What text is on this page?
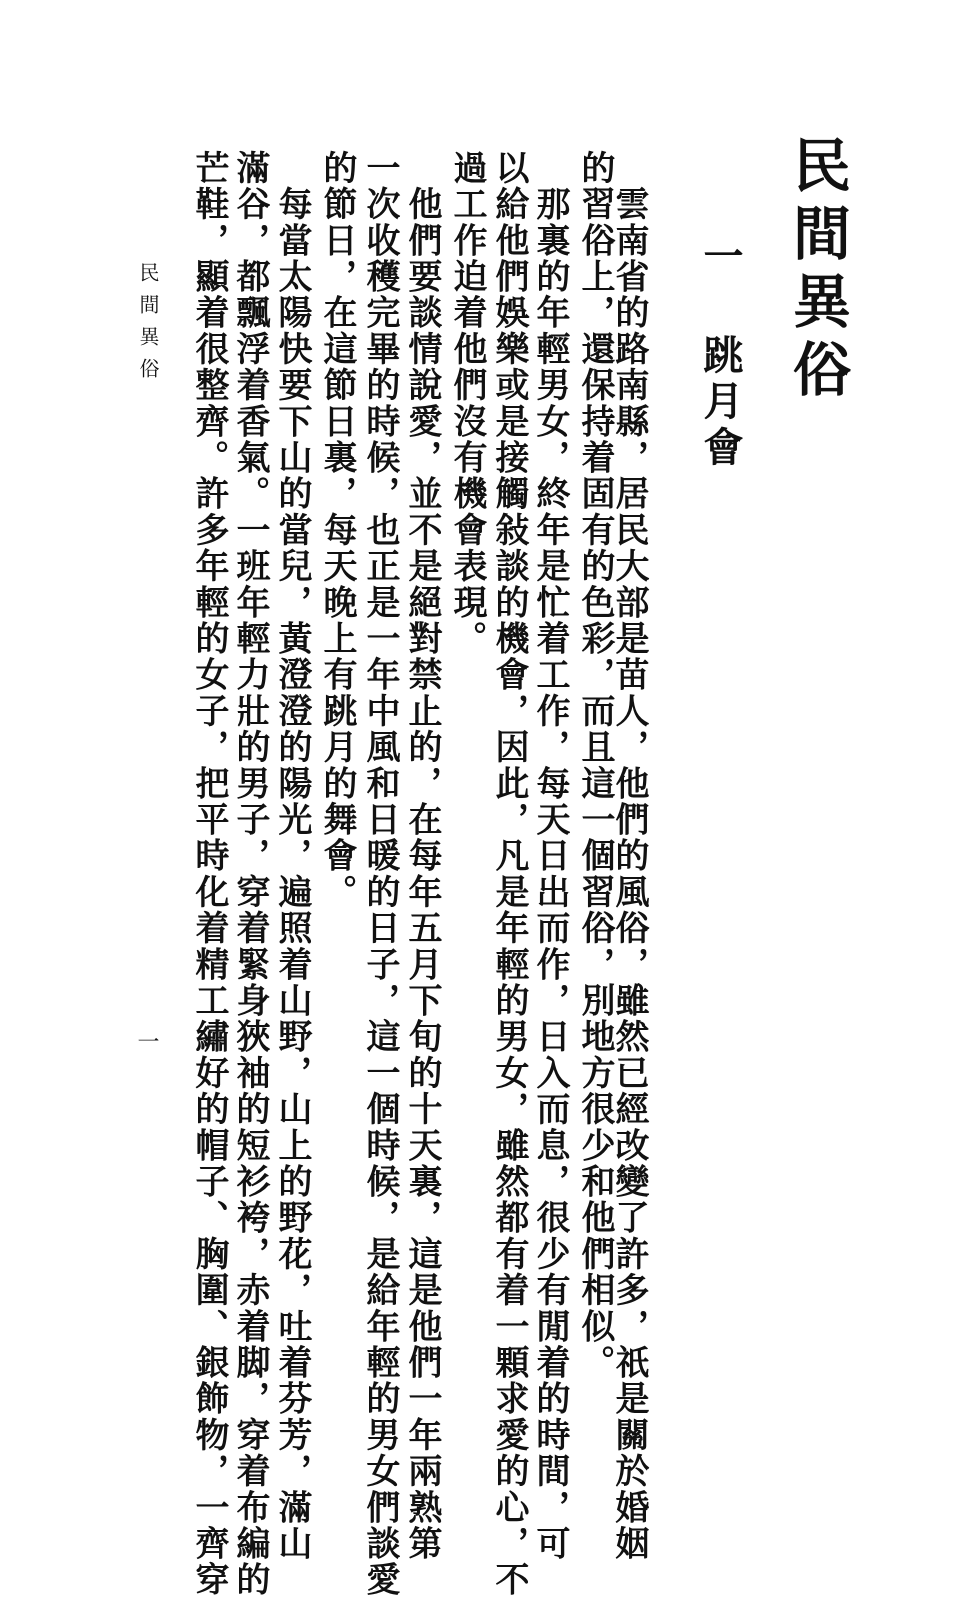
民間異俗
一 跳月會
　雲南省的路南縣，居民大部是苗人，他們的風俗，雖然已經改變了許多，祇是關於婚姻
的習俗上，還保持着固有的色彩，而且這一個習俗，別地方很少和他們相似。
　那裏的年輕男女，終年是忙着工作，每天日出而作，日入而息，很少有閒着的時間，可
以給他們娛樂或是接觸敍談的機會，因此，凡是年輕的男女，雖然都有着一顆求愛的心，不
過工作迫着他們沒有機會表現。
　他們要談情說愛，並不是絕對禁止的，在每年五月下旬的十天裏，這是他們一年兩熟第
一次收穫完畢的時候，也正是一年中風和日暖的日子，這一個時候，是給年輕的男女們談愛
的節日，在這節日裏，每天晚上有跳月的舞會。
　每當太陽快要下山的當兒，黃澄澄的陽光，遍照着山野，山上的野花，吐着芬芳，滿山
滿谷，都飄浮着香氣。一班年輕力壯的男子，穿着緊身狹袖的短衫袴，赤着脚，穿着布編的
芒鞋，顯着很整齊。許多年輕的女子，把平時化着精工繡好的帽子、胸圍、銀飾物，一齊穿
民間異俗
一
